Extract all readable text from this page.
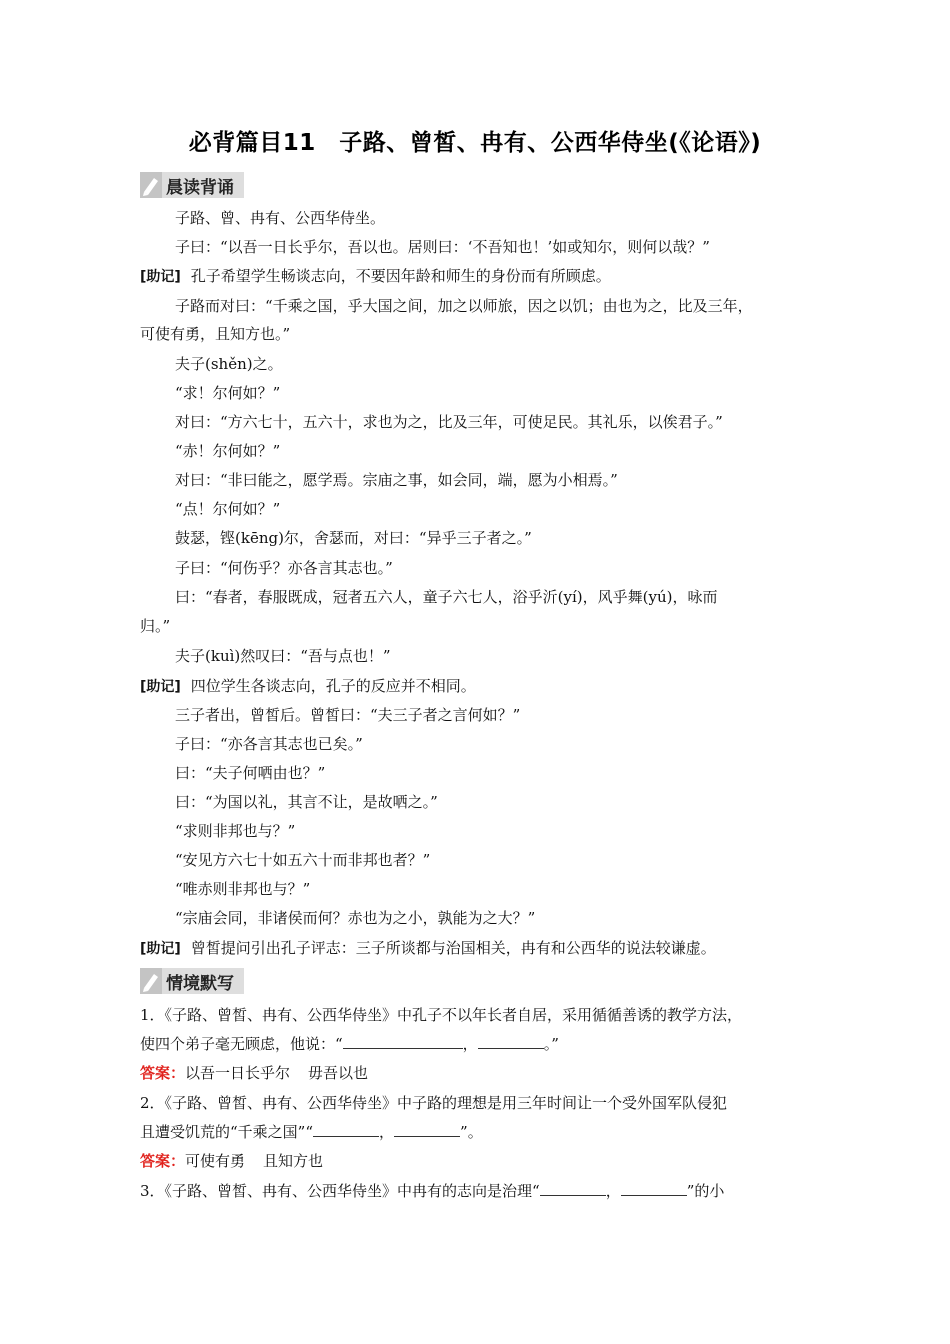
必背篇目11　子路、曾皙、冉有、公西华侍坐(《论语》)
晨读背诵
子路、曾、冉有、公西华侍坐。
子曰：“以吾一日长乎尔，吾以也。居则曰：‘不吾知也！’如或知尔，则何以哉？”
[助记] 孔子希望学生畅谈志向，不要因年龄和师生的身份而有所顾虑。
子路而对曰：“千乘之国，乎大国之间，加之以师旅，因之以饥；由也为之，比及三年，
可使有勇，且知方也。”
夫子(shěn)之。
“求！尔何如？”
对曰：“方六七十，五六十，求也为之，比及三年，可使足民。其礼乐，以俟君子。”
“赤！尔何如？”
对曰：“非曰能之，愿学焉。宗庙之事，如会同，端，愿为小相焉。”
“点！尔何如？”
鼓瑟，铿(kēng)尔，舍瑟而，对曰：“异乎三子者之。”
子曰：“何伤乎？亦各言其志也。”
曰：“春者，春服既成，冠者五六人，童子六七人，浴乎沂(yí)，风乎舞(yú)，咏而
归。”
夫子(kuì)然叹曰：“吾与点也！”
[助记] 四位学生各谈志向，孔子的反应并不相同。
三子者出，曾皙后。曾皙曰：“夫三子者之言何如？”
子曰：“亦各言其志也已矣。”
曰：“夫子何哂由也？”
曰：“为国以礼，其言不让，是故哂之。”
“求则非邦也与？”
“安见方六七十如五六十而非邦也者？”
“唯赤则非邦也与？”
“宗庙会同，非诸侯而何？赤也为之小，孰能为之大？”
[助记] 曾皙提问引出孔子评志：三子所谈都与治国相关，冉有和公西华的说法较谦虚。
情境默写
1．《子路、曾皙、冉有、公西华侍坐》中孔子不以年长者自居，采用循循善诱的教学方法，
使四个弟子毫无顾虑，他说：“	，	。”
答案：以吾一日长乎尔 毋吾以也
2．《子路、曾皙、冉有、公西华侍坐》中子路的理想是用三年时间让一个受外国军队侵犯
且遭受饥荒的“千乘之国”“	，	”。
答案：可使有勇 且知方也
3．《子路、曾皙、冉有、公西华侍坐》中冉有的志向是治理“	，	”的小
